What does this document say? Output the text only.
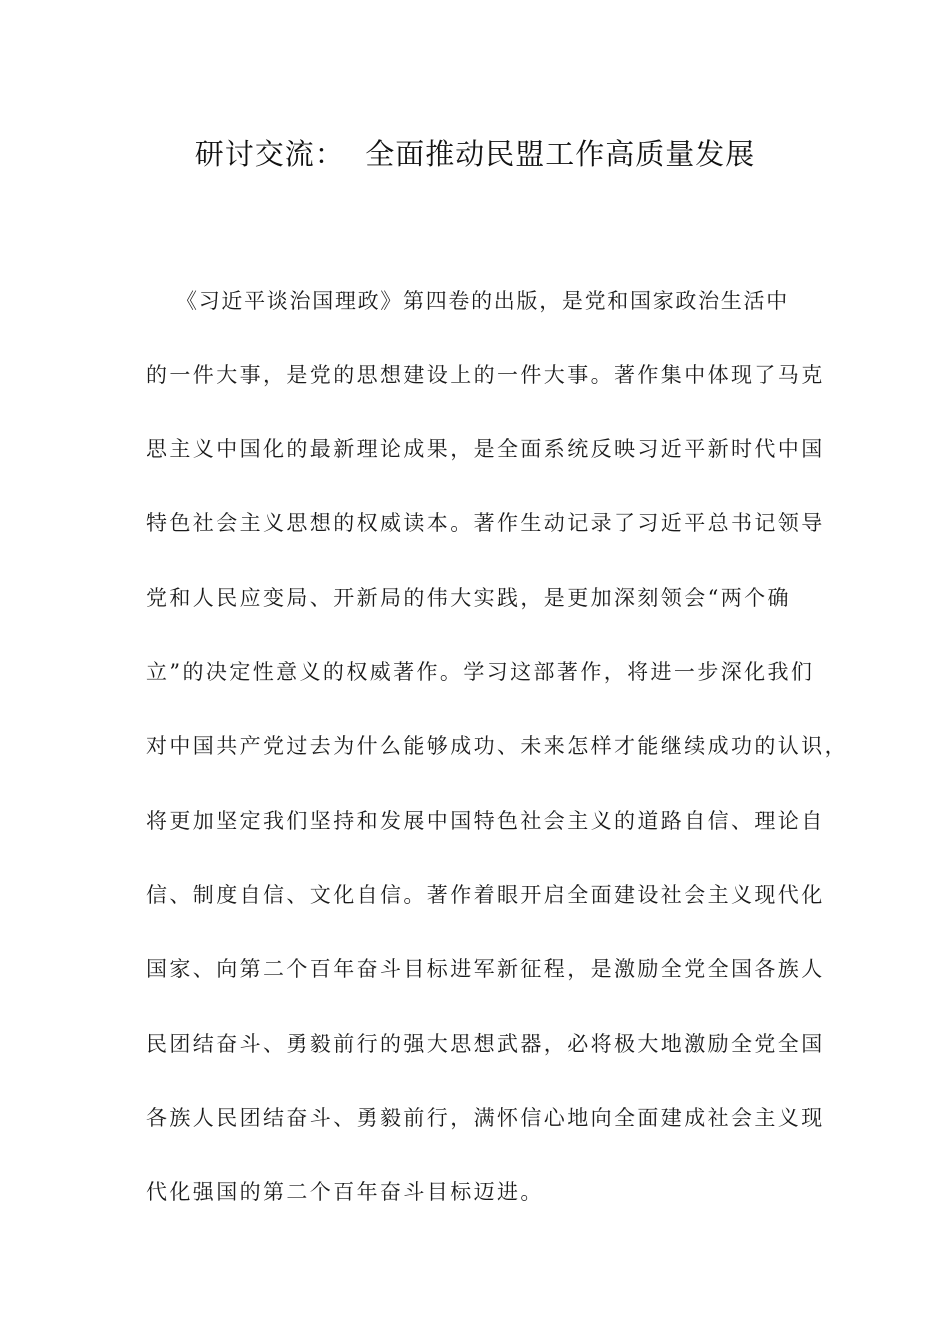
研讨交流：  全面推动民盟工作高质量发展
《习近平谈治国理政》第四卷的出版，是党和国家政治生活中
的一件大事，是党的思想建设上的一件大事。著作集中体现了马克
思主义中国化的最新理论成果，是全面系统反映习近平新时代中国
特色社会主义思想的权威读本。著作生动记录了习近平总书记领导
党和人民应变局、开新局的伟大实践，是更加深刻领会“两个确
立”的决定性意义的权威著作。学习这部著作，将进一步深化我们
对中国共产党过去为什么能够成功、未来怎样才能继续成功的认识，
将更加坚定我们坚持和发展中国特色社会主义的道路自信、理论自
信、制度自信、文化自信。著作着眼开启全面建设社会主义现代化
国家、向第二个百年奋斗目标进军新征程，是激励全党全国各族人
民团结奋斗、勇毅前行的强大思想武器，必将极大地激励全党全国
各族人民团结奋斗、勇毅前行，满怀信心地向全面建成社会主义现
代化强国的第二个百年奋斗目标迈进。
